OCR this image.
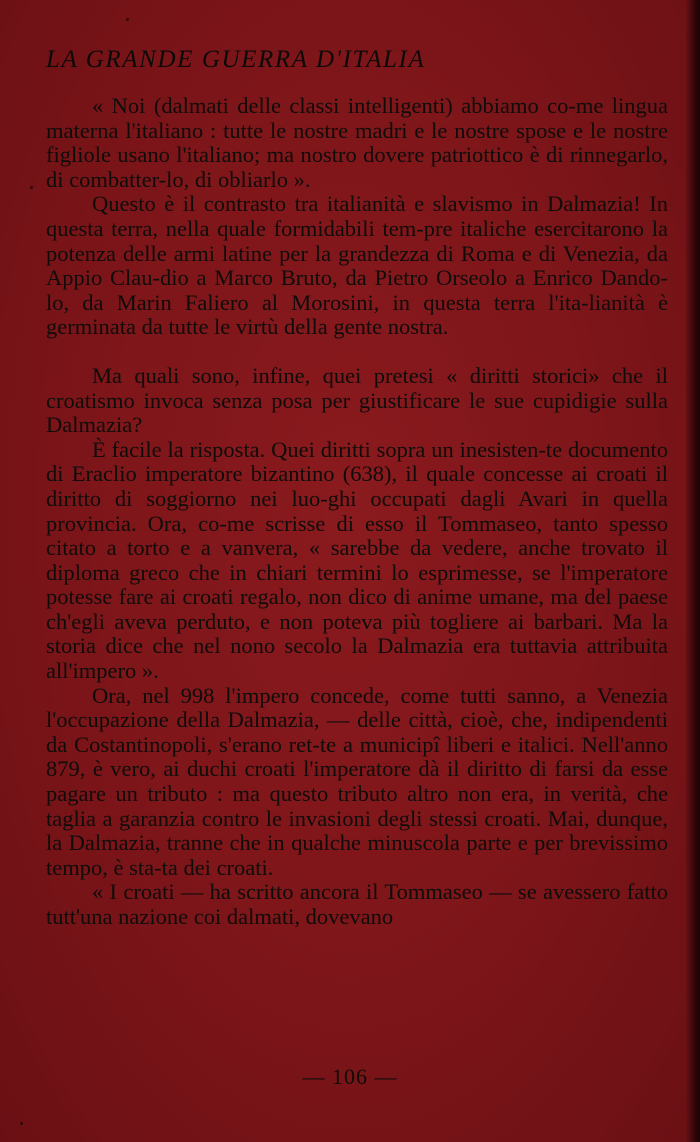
LA GRANDE GUERRA D'ITALIA

« Noi (dalmati delle classi intelligenti) abbiamo co-me lingua materna l'italiano : tutte le nostre madri e le nostre spose e le nostre figliole usano l'italiano; ma nostro dovere patriottico è di rinnegarlo, di combatter-lo, di obliarlo ».

Questo è il contrasto tra italianità e slavismo in Dalmazia! In questa terra, nella quale formidabili tem-pre italiche esercitarono la potenza delle armi latine per la grandezza di Roma e di Venezia, da Appio Clau-dio a Marco Bruto, da Pietro Orseolo a Enrico Dando-lo, da Marin Faliero al Morosini, in questa terra l'ita-lianità è germinata da tutte le virtù della gente nostra.

Ma quali sono, infine, quei pretesi « diritti storici» che il croatismo invoca senza posa per giustificare le sue cupidigie sulla Dalmazia?

È facile la risposta. Quei diritti sopra un inesisten-te documento di Eraclio imperatore bizantino (638), il quale concesse ai croati il diritto di soggiorno nei luo-ghi occupati dagli Avari in quella provincia. Ora, co-me scrisse di esso il Tommaseo, tanto spesso citato a torto e a vanvera, « sarebbe da vedere, anche trovato il diploma greco che in chiari termini lo esprimesse, se l'imperatore potesse fare ai croati regalo, non dico di anime umane, ma del paese ch'egli aveva perduto, e non poteva più togliere ai barbari. Ma la storia dice che nel nono secolo la Dalmazia era tuttavia attribuita all'impero ».

Ora, nel 998 l'impero concede, come tutti sanno, a Venezia l'occupazione della Dalmazia, — delle città, cioè, che, indipendenti da Costantinopoli, s'erano ret-te a municipî liberi e italici. Nell'anno 879, è vero, ai duchi croati l'imperatore dà il diritto di farsi da esse pagare un tributo : ma questo tributo altro non era, in verità, che taglia a garanzia contro le invasioni degli stessi croati. Mai, dunque, la Dalmazia, tranne che in qualche minuscola parte e per brevissimo tempo, è sta-ta dei croati.

« I croati — ha scritto ancora il Tommaseo — se avessero fatto tutt'una nazione coi dalmati, dovevano

— 106 —
